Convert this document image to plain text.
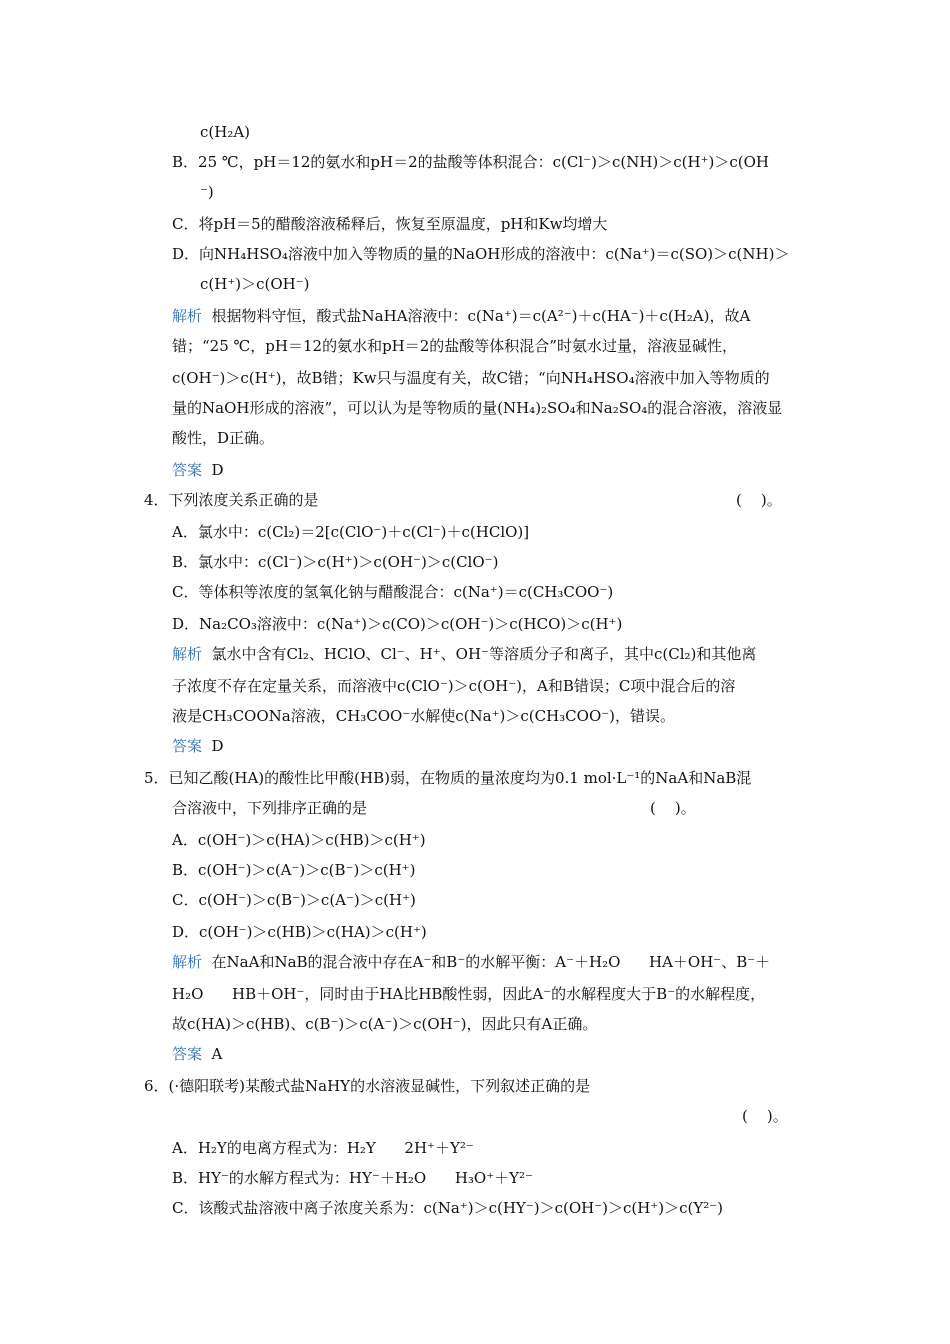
c(H₂A)
B．25 ℃，pH＝12的氨水和pH＝2的盐酸等体积混合：c(Cl⁻)＞c(NH)＞c(H⁺)＞c(OH
⁻)
C．将pH＝5的醋酸溶液稀释后，恢复至原温度，pH和Kw均增大
D．向NH₄HSO₄溶液中加入等物质的量的NaOH形成的溶液中：c(Na⁺)＝c(SO)＞c(NH)＞
c(H⁺)＞c(OH⁻)
解析  根据物料守恒，酸式盐NaHA溶液中：c(Na⁺)＝c(A²⁻)＋c(HA⁻)＋c(H₂A)，故A
错；“25 ℃，pH＝12的氨水和pH＝2的盐酸等体积混合”时氨水过量，溶液显碱性，
c(OH⁻)＞c(H⁺)，故B错；Kw只与温度有关，故C错；“向NH₄HSO₄溶液中加入等物质的
量的NaOH形成的溶液”，可以认为是等物质的量(NH₄)₂SO₄和Na₂SO₄的混合溶液，溶液显
酸性，D正确。
答案  D
4．下列浓度关系正确的是	(    )。
A．氯水中：c(Cl₂)＝2[c(ClO⁻)＋c(Cl⁻)＋c(HClO)]
B．氯水中：c(Cl⁻)＞c(H⁺)＞c(OH⁻)＞c(ClO⁻)
C．等体积等浓度的氢氧化钠与醋酸混合：c(Na⁺)＝c(CH₃COO⁻)
D．Na₂CO₃溶液中：c(Na⁺)＞c(CO)＞c(OH⁻)＞c(HCO)＞c(H⁺)
解析  氯水中含有Cl₂、HClO、Cl⁻、H⁺、OH⁻等溶质分子和离子，其中c(Cl₂)和其他离
子浓度不存在定量关系，而溶液中c(ClO⁻)＞c(OH⁻)，A和B错误；C项中混合后的溶
液是CH₃COONa溶液，CH₃COO⁻水解使c(Na⁺)＞c(CH₃COO⁻)，错误。
答案  D
5．已知乙酸(HA)的酸性比甲酸(HB)弱，在物质的量浓度均为0.1 mol·L⁻¹的NaA和NaB混
合溶液中，下列排序正确的是	(    )。
A．c(OH⁻)＞c(HA)＞c(HB)＞c(H⁺)
B．c(OH⁻)＞c(A⁻)＞c(B⁻)＞c(H⁺)
C．c(OH⁻)＞c(B⁻)＞c(A⁻)＞c(H⁺)
D．c(OH⁻)＞c(HB)＞c(HA)＞c(H⁺)
解析  在NaA和NaB的混合液中存在A⁻和B⁻的水解平衡：A⁻＋H₂O      HA＋OH⁻、B⁻＋
H₂O      HB＋OH⁻，同时由于HA比HB酸性弱，因此A⁻的水解程度大于B⁻的水解程度，
故c(HA)＞c(HB)、c(B⁻)＞c(A⁻)＞c(OH⁻)，因此只有A正确。
答案  A
6．(·德阳联考)某酸式盐NaHY的水溶液显碱性，下列叙述正确的是
(    )。
A．H₂Y的电离方程式为：H₂Y      2H⁺＋Y²⁻
B．HY⁻的水解方程式为：HY⁻＋H₂O      H₃O⁺＋Y²⁻
C．该酸式盐溶液中离子浓度关系为：c(Na⁺)＞c(HY⁻)＞c(OH⁻)＞c(H⁺)＞c(Y²⁻)
